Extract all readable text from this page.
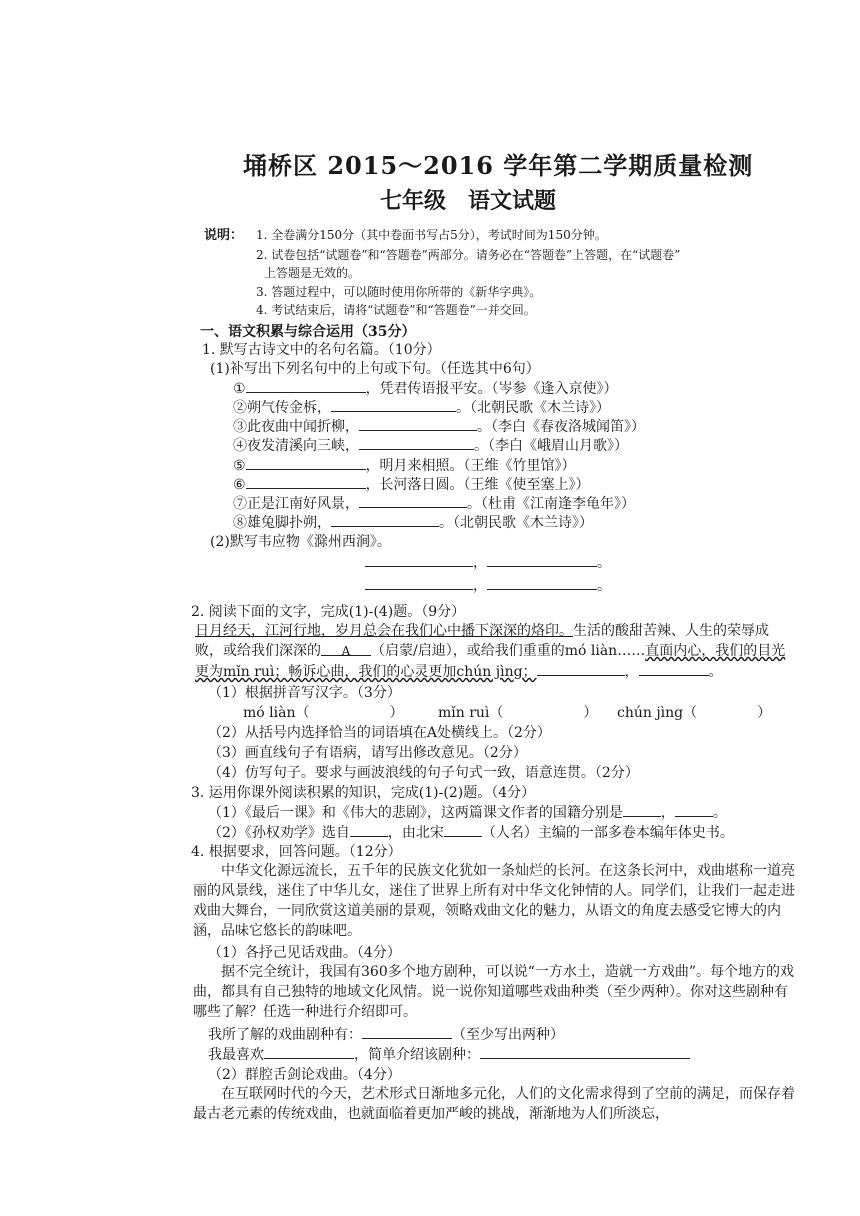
埇桥区 2015～2016 学年第二学期质量检测
七年级　语文试题
说明： 1. 全卷满分150分（其中卷面书写占5分），考试时间为150分钟。
2. 试卷包括“试题卷”和“答题卷”两部分。请务必在“答题卷”上答题，在“试题卷”
上答题是无效的。
3. 答题过程中，可以随时使用你所带的《新华字典》。
4. 考试结束后，请将“试题卷”和“答题卷”一并交回。
一、语文积累与综合运用（35分）
1. 默写古诗文中的名句名篇。（10分）
(1)补写出下列名句中的上句或下句。（任选其中6句）
①	，凭君传语报平安。（岑参《逢入京使》）
②朔气传金柝，	。（北朝民歌《木兰诗》）
③此夜曲中闻折柳，	。（李白《春夜洛城闻笛》）
④夜发清溪向三峡，	。（李白《峨眉山月歌》）
⑤	，明月来相照。（王维《竹里馆》）
⑥	，长河落日圆。（王维《使至塞上》）
⑦正是江南好风景，	。（杜甫《江南逢李龟年》）
⑧雄兔脚扑朔，	。（北朝民歌《木兰诗》）
(2)默写韦应物《滁州西涧》。
，	。
，	。
2. 阅读下面的文字，完成(1)-(4)题。（9分）
日月经天，江河行地，岁月总会在我们心中播下深深的烙印。生活的酸甜苦辣、人生的荣辱成败，或给我们深深的 A （启蒙/启迪），或给我们重重的mó liàn……直面内心，我们的目光更为mǐn ruì；畅诉心曲，我们的心灵更加chún jìng；	，	。
（1）根据拼音写汉字。（3分）
mó liàn（	） mǐn ruì（	） chún jìng（	）
（2）从括号内选择恰当的词语填在A处横线上。（2分）
（3）画直线句子有语病，请写出修改意见。（2分）
（4）仿写句子。要求与画波浪线的句子句式一致，语意连贯。（2分）
3. 运用你课外阅读积累的知识，完成(1)-(2)题。（4分）
（1）《最后一课》和《伟大的悲剧》，这两篇课文作者的国籍分别是	，	。
（2）《孙权劝学》选自	，由北宋	（人名）主编的一部多卷本编年体史书。
4. 根据要求，回答问题。（12分）
中华文化源远流长，五千年的民族文化犹如一条灿烂的长河。在这条长河中，戏曲堪称一道亮丽的风景线，迷住了中华儿女，迷住了世界上所有对中华文化钟情的人。同学们，让我们一起走进戏曲大舞台，一同欣赏这道美丽的景观，领略戏曲文化的魅力，从语文的角度去感受它博大的内涵，品味它悠长的韵味吧。
（1）各抒己见话戏曲。（4分）
据不完全统计，我国有360多个地方剧种，可以说“一方水土，造就一方戏曲”。每个地方的戏曲，都具有自己独特的地域文化风情。说一说你知道哪些戏曲种类（至少两种）。你对这些剧种有哪些了解？任选一种进行介绍即可。
我所了解的戏曲剧种有：	（至少写出两种）
我最喜欢	，简单介绍该剧种：
（2）群腔舌剑论戏曲。（4分）
在互联网时代的今天，艺术形式日渐地多元化，人们的文化需求得到了空前的满足，而保存着最古老元素的传统戏曲，也就面临着更加严峻的挑战，渐渐地为人们所淡忘，
